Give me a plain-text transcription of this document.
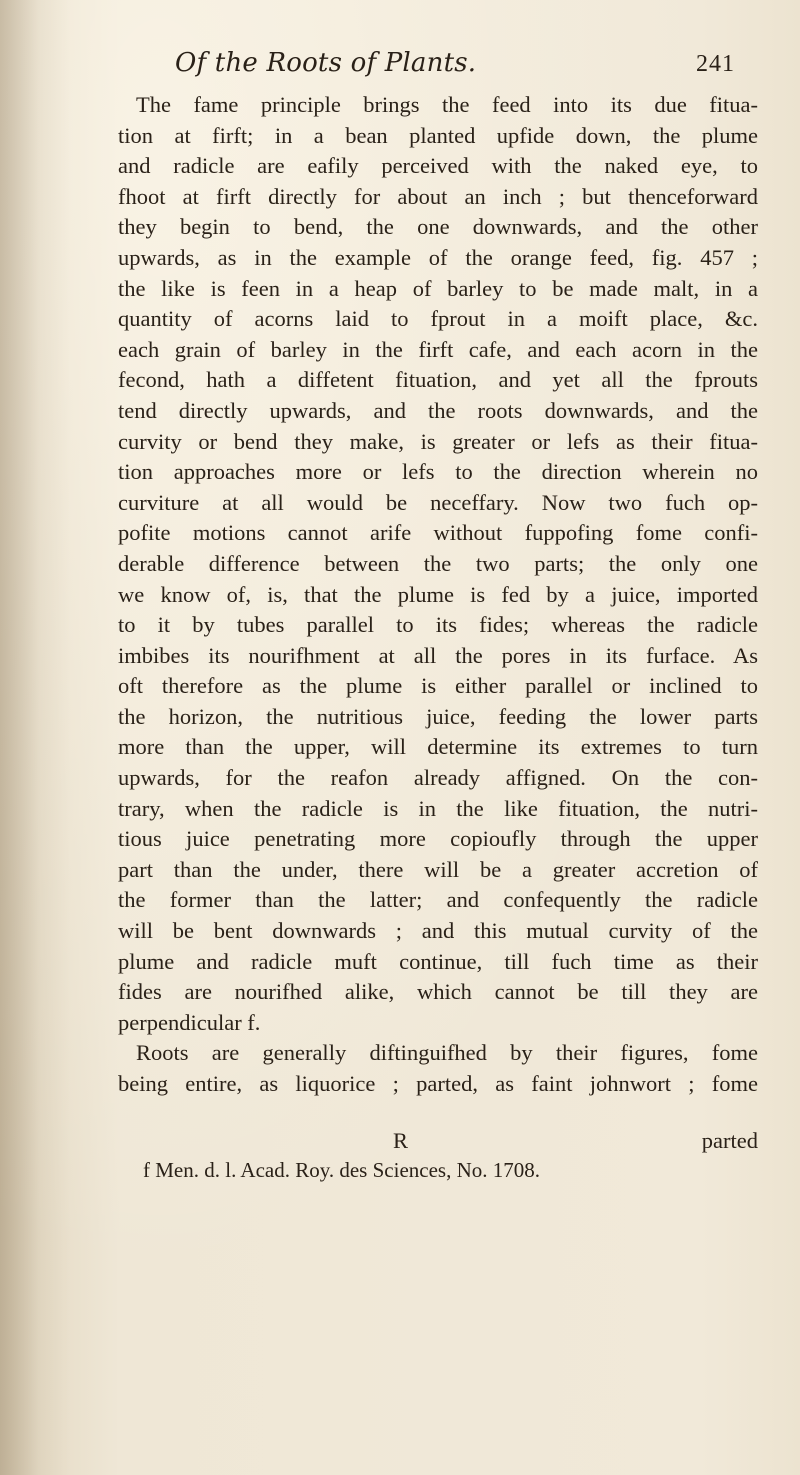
Of the Roots of Plants.	241
The fame principle brings the feed into its due fitua-
tion at firft; in a bean planted upfide down, the plume
and radicle are eafily perceived with the naked eye, to
fhoot at firft directly for about an inch ; but thenceforward
they begin to bend, the one downwards, and the other
upwards, as in the example of the orange feed, fig. 457 ;
the like is feen in a heap of barley to be made malt, in a
quantity of acorns laid to fprout in a moift place, &c.
each grain of barley in the firft cafe, and each acorn in the
fecond, hath a diffetent fituation, and yet all the fprouts
tend directly upwards, and the roots downwards, and the
curvity or bend they make, is greater or lefs as their fitua-
tion approaches more or lefs to the direction wherein no
curviture at all would be neceffary. Now two fuch op-
pofite motions cannot arife without fuppofing fome confi-
derable difference between the two parts; the only one
we know of, is, that the plume is fed by a juice, imported
to it by tubes parallel to its fides; whereas the radicle
imbibes its nourifhment at all the pores in its furface. As
oft therefore as the plume is either parallel or inclined to
the horizon, the nutritious juice, feeding the lower parts
more than the upper, will determine its extremes to turn
upwards, for the reafon already affigned. On the con-
trary, when the radicle is in the like fituation, the nutri-
tious juice penetrating more copioufly through the upper
part than the under, there will be a greater accretion of
the former than the latter; and confequently the radicle
will be bent downwards ; and this mutual curvity of the
plume and radicle muft continue, till fuch time as their
fides are nourifhed alike, which cannot be till they are
perpendicular f.
Roots are generally diftinguifhed by their figures, fome
being entire, as liquorice ; parted, as faint johnwort ; fome
R	parted
f Men. d. l. Acad. Roy. des Sciences, No. 1708.
